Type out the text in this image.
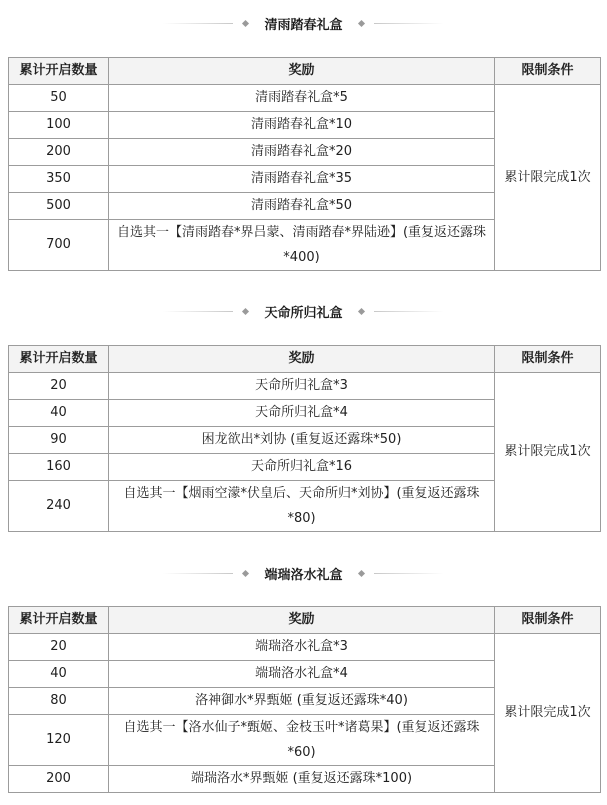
清雨踏春礼盒
累计开启数量	奖励	限制条件
50	清雨踏春礼盒*5	累计限完成1次
100	清雨踏春礼盒*10	
200	清雨踏春礼盒*20	
350	清雨踏春礼盒*35	
500	清雨踏春礼盒*50	
700	自选其一【清雨踏春*界吕蒙、清雨踏春*界陆逊】(重复返还露珠*400)	
天命所归礼盒
累计开启数量	奖励	限制条件
20	天命所归礼盒*3	累计限完成1次
40	天命所归礼盒*4	
90	困龙欲出*刘协 (重复返还露珠*50)	
160	天命所归礼盒*16	
240	自选其一【烟雨空濛*伏皇后、天命所归*刘协】(重复返还露珠*80)	
端瑞洛水礼盒
累计开启数量	奖励	限制条件
20	端瑞洛水礼盒*3	累计限完成1次
40	端瑞洛水礼盒*4	
80	洛神御水*界甄姬 (重复返还露珠*40)	
120	自选其一【洛水仙子*甄姬、金枝玉叶*诸葛果】(重复返还露珠*60)	
200	端瑞洛水*界甄姬 (重复返还露珠*100)	
